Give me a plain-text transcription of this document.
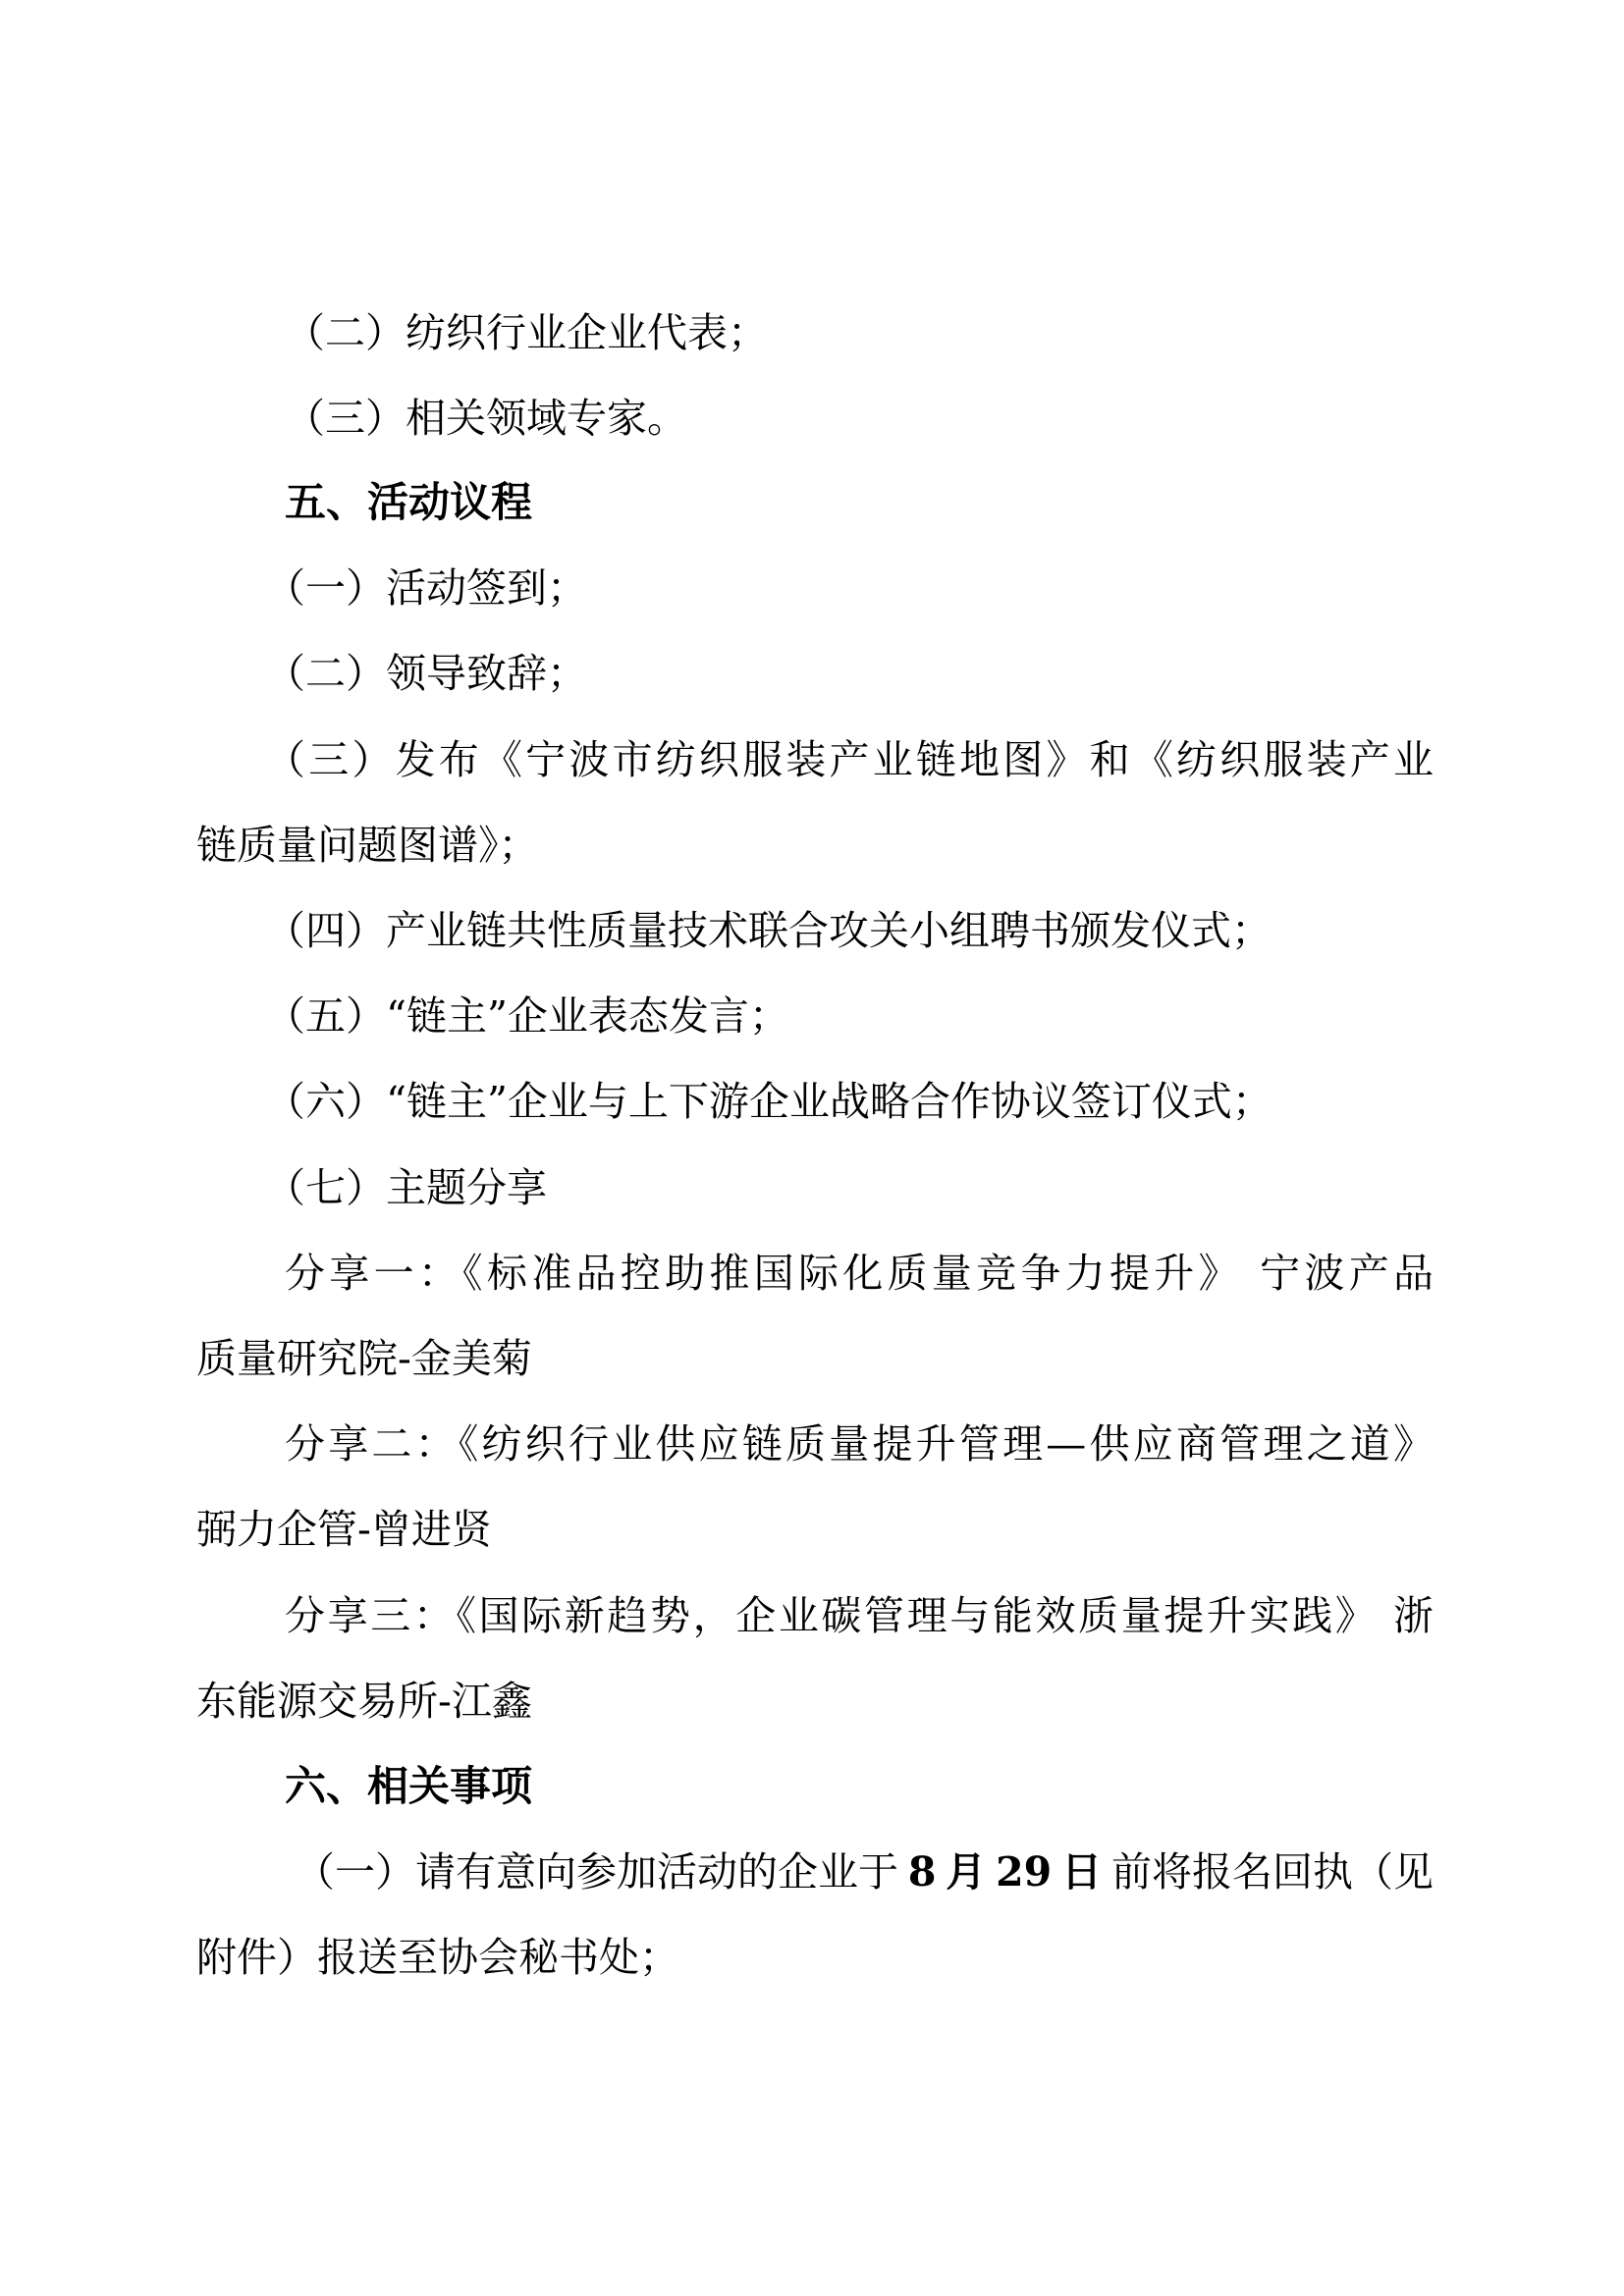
（二）纺织行业企业代表；
（三）相关领域专家。
五、活动议程
（一）活动签到；
（二）领导致辞；
（三）发布《宁波市纺织服装产业链地图》和《纺织服装产业
链质量问题图谱》；
（四）产业链共性质量技术联合攻关小组聘书颁发仪式；
（五）“链主”企业表态发言；
（六）“链主”企业与上下游企业战略合作协议签订仪式；
（七）主题分享
分享一：《标准品控助推国际化质量竞争力提升》 宁波产品
质量研究院-金美菊
分享二：《纺织行业供应链质量提升管理—供应商管理之道》
弼力企管-曾进贤
分享三：《国际新趋势，企业碳管理与能效质量提升实践》 浙
东能源交易所-江鑫
六、相关事项
（一）请有意向参加活动的企业于 8 月 29 日 前将报名回执（见
附件）报送至协会秘书处；
